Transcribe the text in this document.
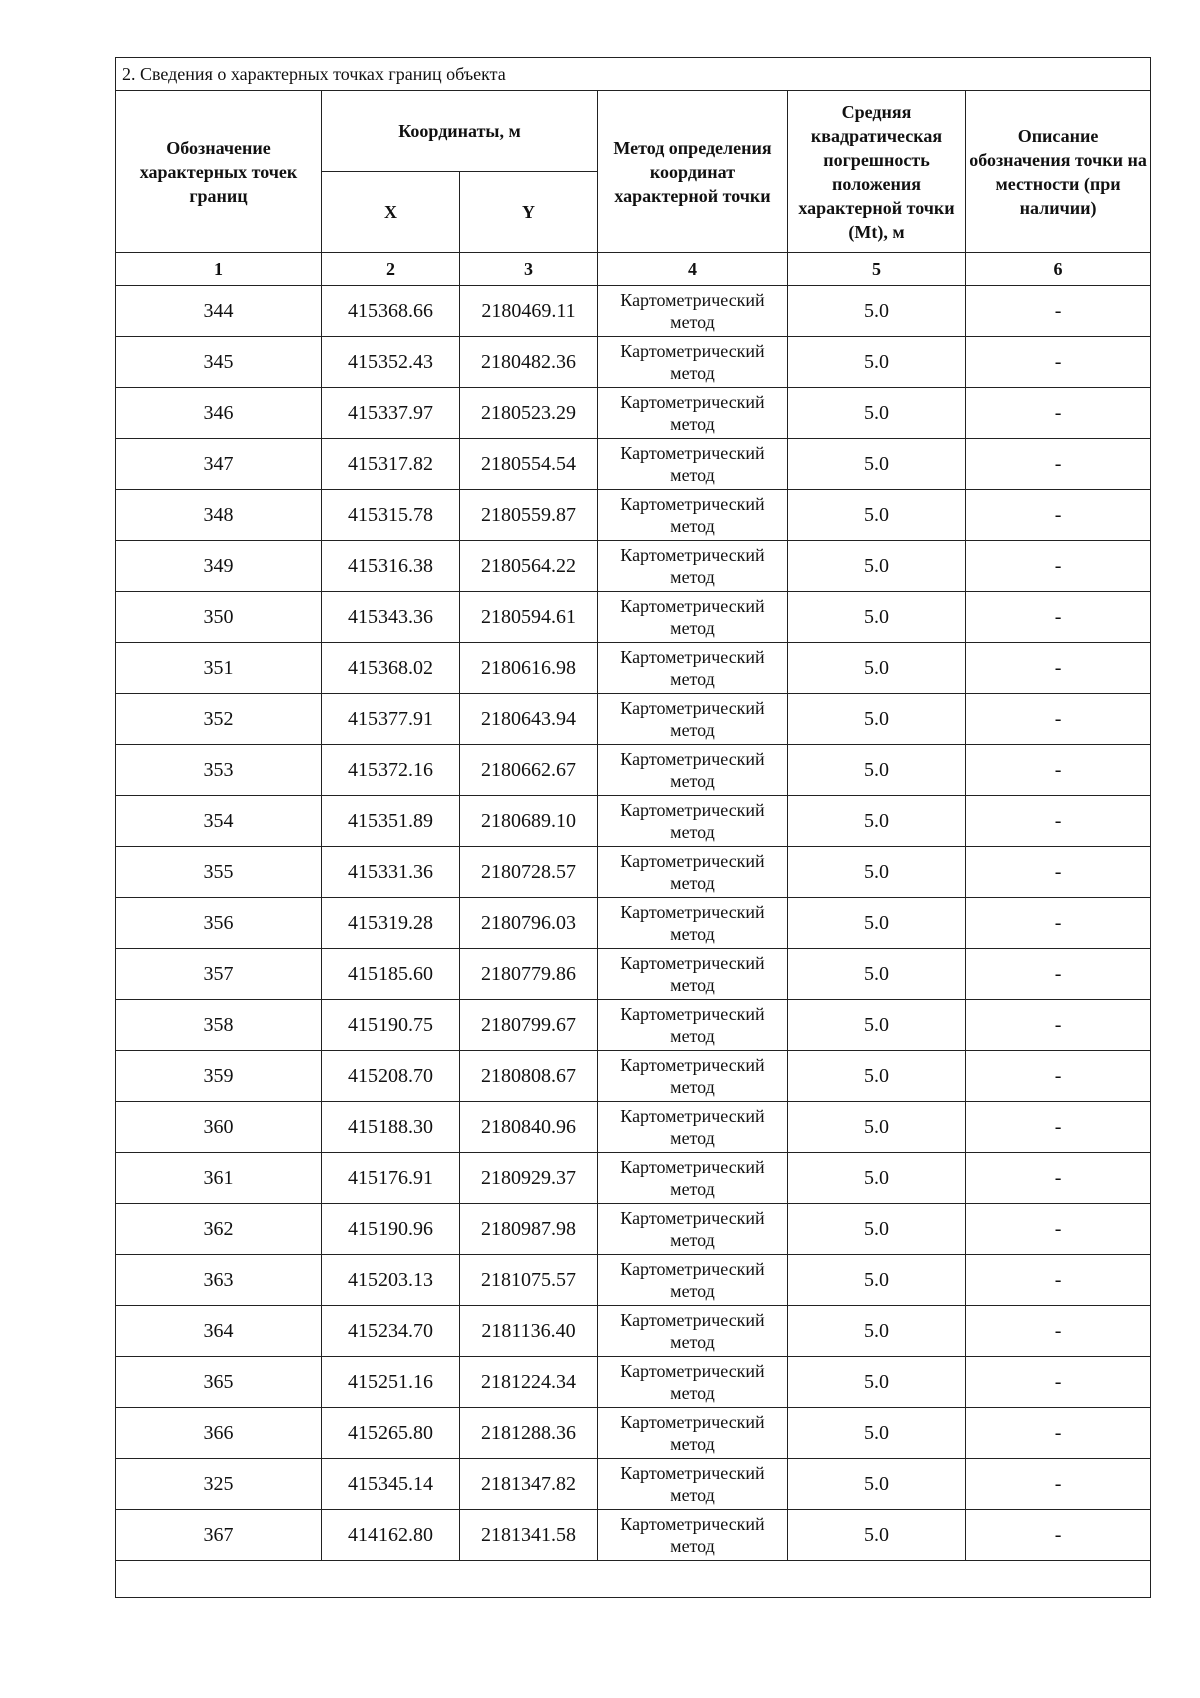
2. Сведения о характерных точках границ объекта					
Обозначение характерных точек границ	Координаты, м		Метод определения координат характерной точки	Средняя квадратическая погрешность положения характерной точки (Mt), м	Описание обозначения точки на местности (при наличии)
	X	Y			
1	2	3	4	5	6
344	415368.66	2180469.11	Картометрический метод	5.0	-
345	415352.43	2180482.36	Картометрический метод	5.0	-
346	415337.97	2180523.29	Картометрический метод	5.0	-
347	415317.82	2180554.54	Картометрический метод	5.0	-
348	415315.78	2180559.87	Картометрический метод	5.0	-
349	415316.38	2180564.22	Картометрический метод	5.0	-
350	415343.36	2180594.61	Картометрический метод	5.0	-
351	415368.02	2180616.98	Картометрический метод	5.0	-
352	415377.91	2180643.94	Картометрический метод	5.0	-
353	415372.16	2180662.67	Картометрический метод	5.0	-
354	415351.89	2180689.10	Картометрический метод	5.0	-
355	415331.36	2180728.57	Картометрический метод	5.0	-
356	415319.28	2180796.03	Картометрический метод	5.0	-
357	415185.60	2180779.86	Картометрический метод	5.0	-
358	415190.75	2180799.67	Картометрический метод	5.0	-
359	415208.70	2180808.67	Картометрический метод	5.0	-
360	415188.30	2180840.96	Картометрический метод	5.0	-
361	415176.91	2180929.37	Картометрический метод	5.0	-
362	415190.96	2180987.98	Картометрический метод	5.0	-
363	415203.13	2181075.57	Картометрический метод	5.0	-
364	415234.70	2181136.40	Картометрический метод	5.0	-
365	415251.16	2181224.34	Картометрический метод	5.0	-
366	415265.80	2181288.36	Картометрический метод	5.0	-
325	415345.14	2181347.82	Картометрический метод	5.0	-
367	414162.80	2181341.58	Картометрический метод	5.0	-
